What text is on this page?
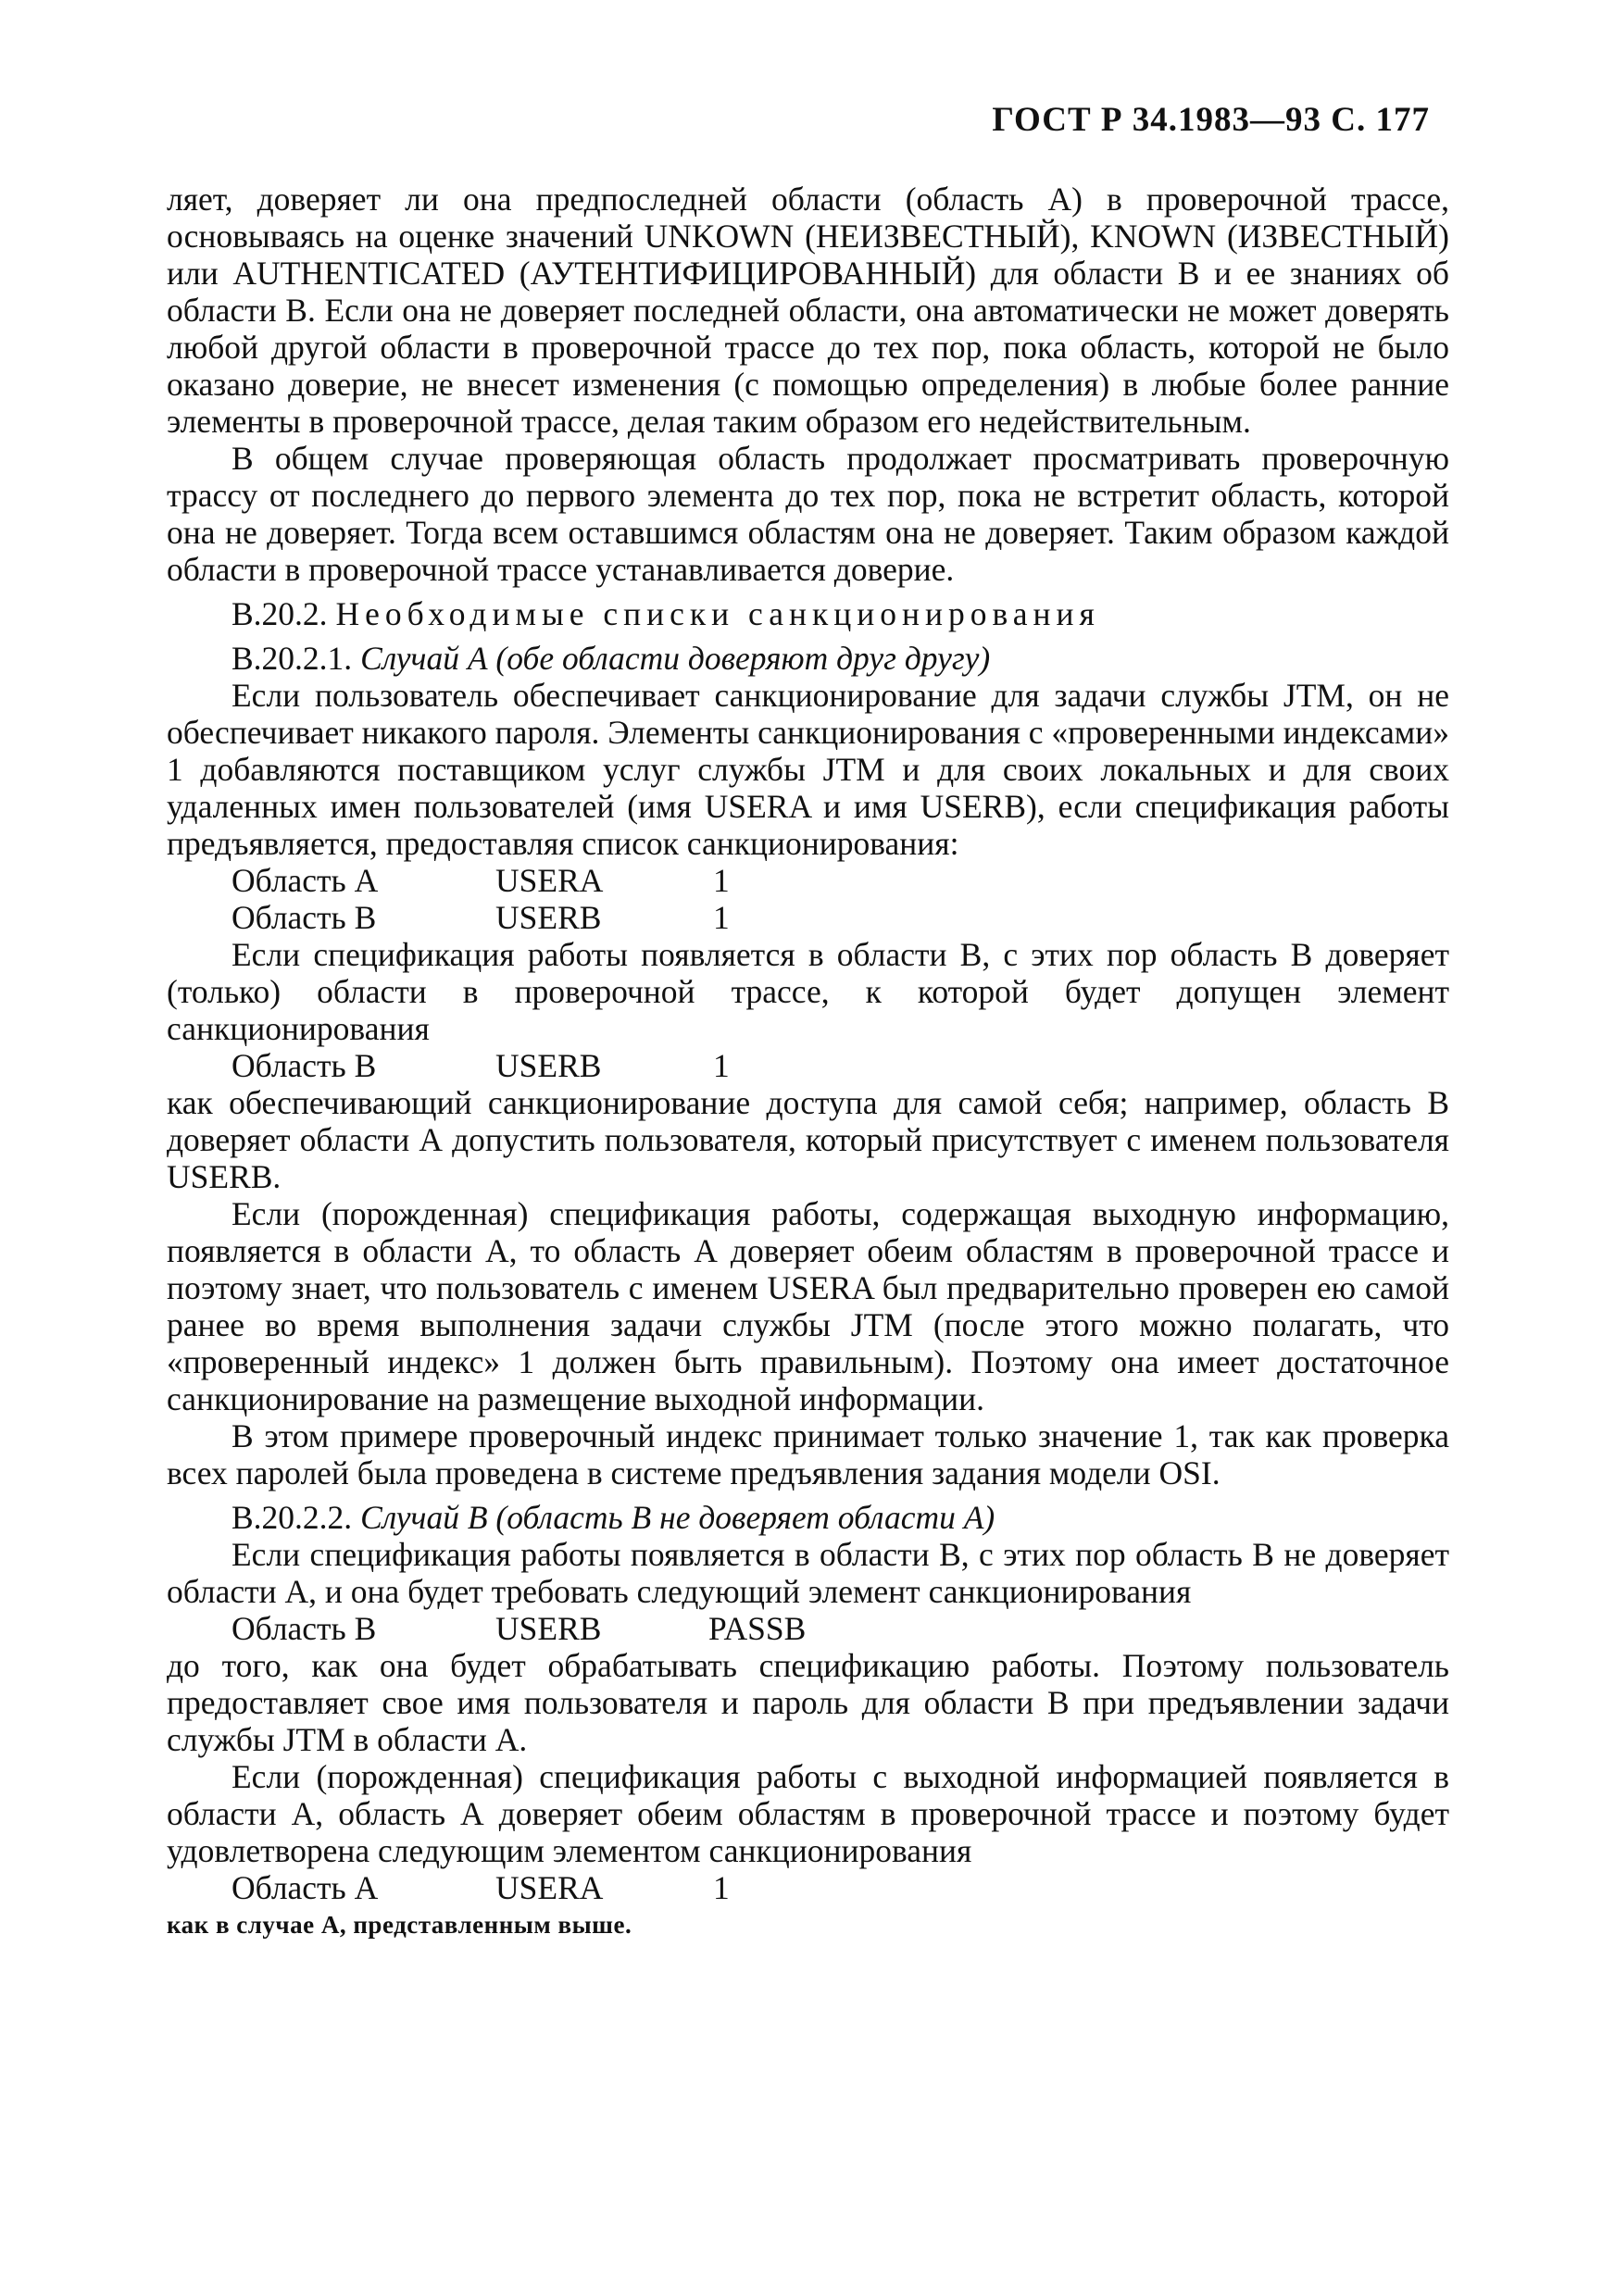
ГОСТ Р 34.1983—93 С. 177

ляет, доверяет ли она предпоследней области (область А) в проверочной трассе, основываясь на оценке значений UNKOWN (НЕИЗВЕСТНЫЙ), KNOWN (ИЗВЕСТНЫЙ) или AUTHENTICATED (АУТЕНТИФИЦИРОВАННЫЙ) для области В и ее знаниях об области В. Если она не доверяет последней области, она автоматически не может доверять любой другой области в проверочной трассе до тех пор, пока область, которой не было оказано доверие, не внесет изменения (с помощью определения) в любые более ранние элементы в проверочной трассе, делая таким образом его недействительным.

В общем случае проверяющая область продолжает просматривать проверочную трассу от последнего до первого элемента до тех пор, пока не встретит область, которой она не доверяет. Тогда всем оставшимся областям она не доверяет. Таким образом каждой области в проверочной трассе устанавливается доверие.

В.20.2. Необходимые списки санкционирования

В.20.2.1. Случай А (обе области доверяют друг другу)

Если пользователь обеспечивает санкционирование для задачи службы JTM, он не обеспечивает никакого пароля. Элементы санкционирования с «проверенными индексами» 1 добавляются поставщиком услуг службы JTM и для своих локальных и для своих удаленных имен пользователей (имя USERA и имя USERB), если спецификация работы предъявляется, предоставляя список санкционирования:

Область А	USERA	1
Область В	USERB	1

Если спецификация работы появляется в области В, с этих пор область В доверяет (только) области в проверочной трассе, к которой будет допущен элемент санкционирования

Область В	USERB	1

как обеспечивающий санкционирование доступа для самой себя; например, область В доверяет области А допустить пользователя, который присутствует с именем пользователя USERB.

Если (порожденная) спецификация работы, содержащая выходную информацию, появляется в области А, то область А доверяет обеим областям в проверочной трассе и поэтому знает, что пользователь с именем USERA был предварительно проверен ею самой ранее во время выполнения задачи службы JTM (после этого можно полагать, что «проверенный индекс» 1 должен быть правильным). Поэтому она имеет достаточное санкционирование на размещение выходной информации.

В этом примере проверочный индекс принимает только значение 1, так как проверка всех паролей была проведена в системе предъявления задания модели OSI.

В.20.2.2. Случай В (область В не доверяет области А)

Если спецификация работы появляется в области В, с этих пор область В не доверяет области А, и она будет требовать следующий элемент санкционирования

Область В	USERB	PASSB

до того, как она будет обрабатывать спецификацию работы. Поэтому пользователь предоставляет свое имя пользователя и пароль для области В при предъявлении задачи службы JTM в области А.

Если (порожденная) спецификация работы с выходной информацией появляется в области А, область А доверяет обеим областям в проверочной трассе и поэтому будет удовлетворена следующим элементом санкционирования

Область А	USERA	1

как в случае А, представленным выше.
